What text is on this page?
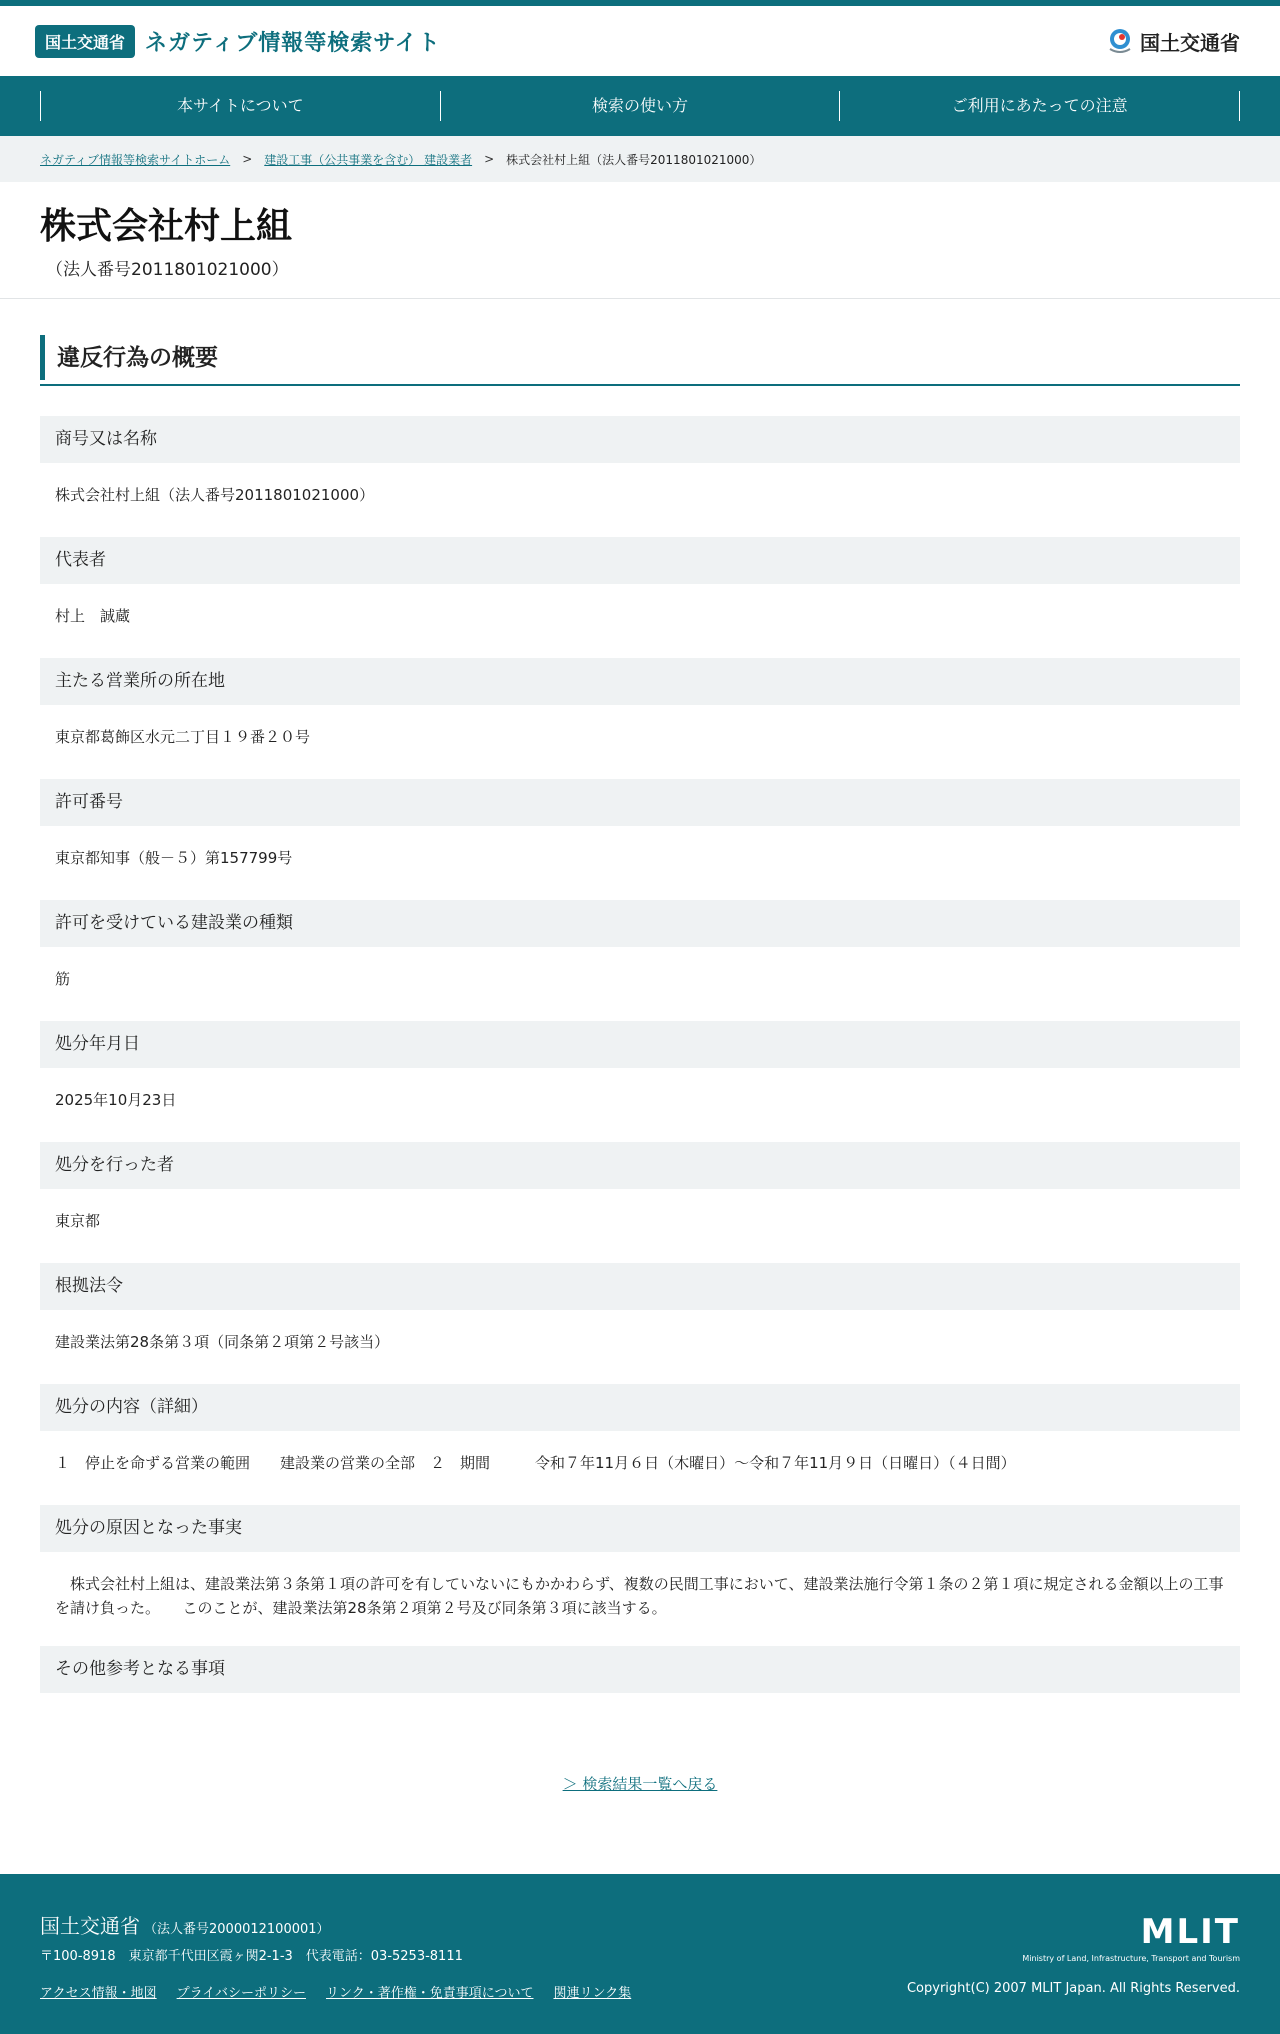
国土交通省 ネガティブ情報等検索サイト	国土交通省
本サイトについて	検索の使い方	ご利用にあたっての注意
ネガティブ情報等検索サイトホーム > 建設工事（公共事業を含む） 建設業者 > 株式会社村上組（法人番号2011801021000）
株式会社村上組
（法人番号2011801021000）
違反行為の概要
商号又は名称
株式会社村上組（法人番号2011801021000）
代表者
村上　誠蔵
主たる営業所の所在地
東京都葛飾区水元二丁目１９番２０号
許可番号
東京都知事（般－５）第157799号
許可を受けている建設業の種類
筋
処分年月日
2025年10月23日
処分を行った者
東京都
根拠法令
建設業法第28条第３項（同条第２項第２号該当）
処分の内容（詳細）
１　停止を命ずる営業の範囲　　建設業の営業の全部　２　期間　　　令和７年11月６日（木曜日）～令和７年11月９日（日曜日）（４日間）
処分の原因となった事実
株式会社村上組は、建設業法第３条第１項の許可を有していないにもかかわらず、複数の民間工事において、建設業法施行令第１条の２第１項に規定される金額以上の工事を請け負った。　　このことが、建設業法第28条第２項第２号及び同条第３項に該当する。
その他参考となる事項
＞ 検索結果一覧へ戻る
国土交通省 （法人番号2000012100001）
〒100-8918　東京都千代田区霞ヶ関2-1-3　代表電話：03-5253-8111
アクセス情報・地図 プライバシーポリシー リンク・著作権・免責事項について 関連リンク集
MLIT
Ministry of Land, Infrastructure, Transport and Tourism
Copyright(C) 2007 MLIT Japan. All Rights Reserved.
